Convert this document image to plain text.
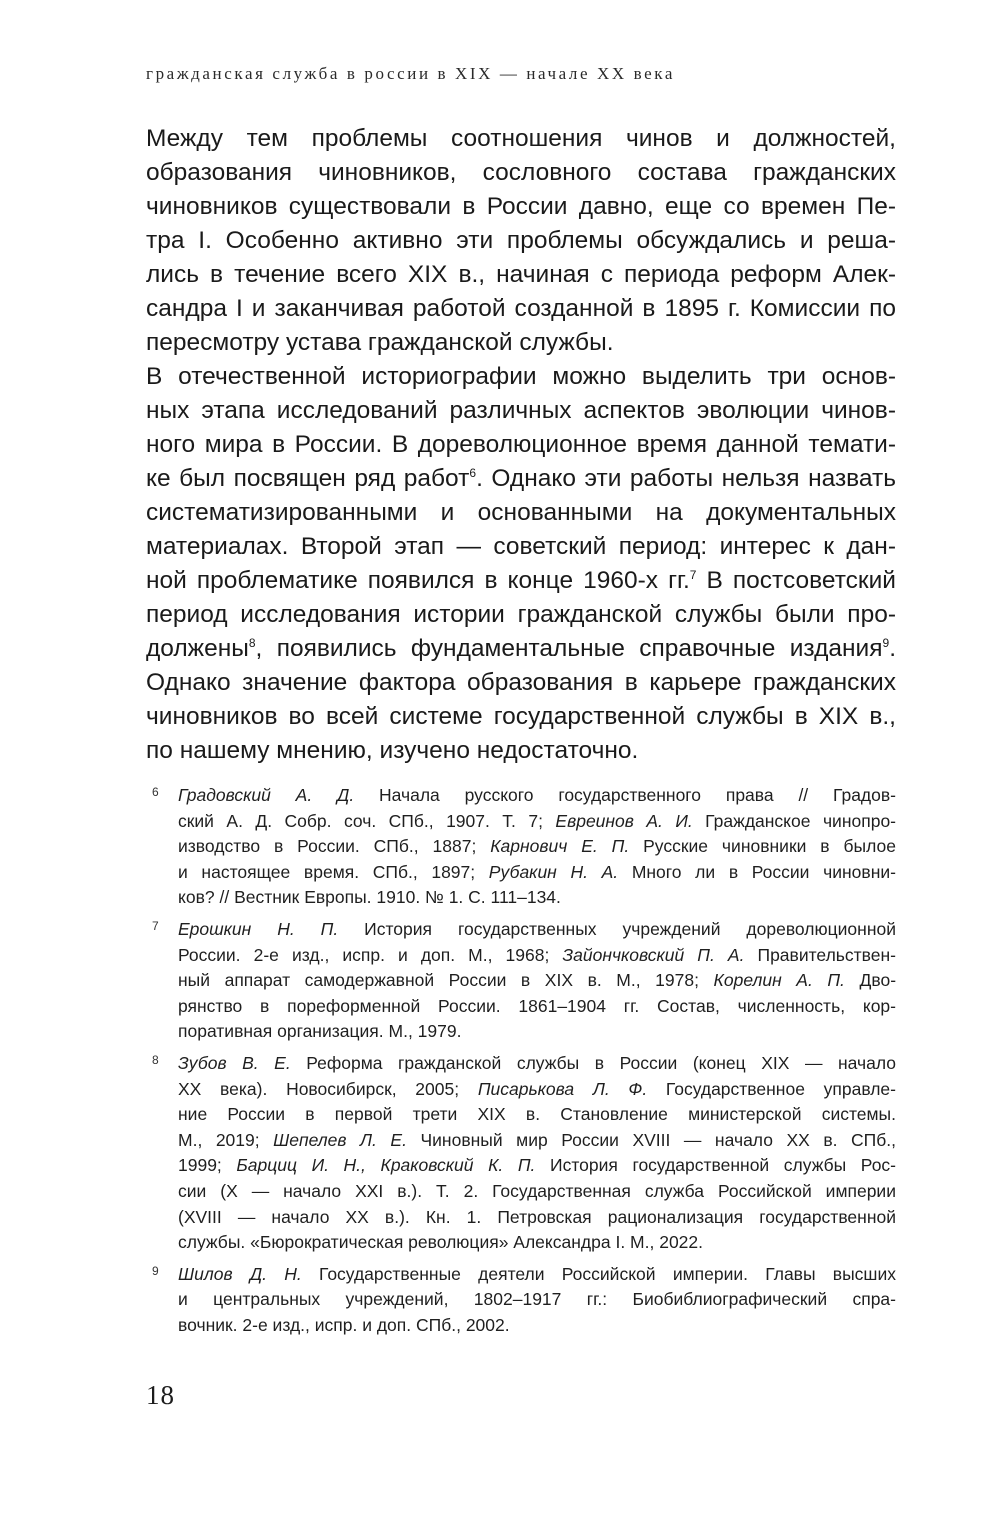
гражданская служба в россии в XIX — начале XX века

Между тем проблемы соотношения чинов и должностей,
образования чиновников, сословного состава гражданских
чиновников существовали в России давно, еще со времен Пе-
тра I. Особенно активно эти проблемы обсуждались и реша-
лись в течение всего XIX в., начиная с периода реформ Алек-
сандра I и заканчивая работой созданной в 1895 г. Комиссии по
пересмотру устава гражданской службы.

В отечественной историографии можно выделить три основ-
ных этапа исследований различных аспектов эволюции чинов-
ного мира в России. В дореволюционное время данной темати-
ке был посвящен ряд работ$^6$. Однако эти работы нельзя назвать
систематизированными и основанными на документальных
материалах. Второй этап — советский период: интерес к дан-
ной проблематике появился в конце 1960-х гг.$^7$ В постсоветский
период исследования истории гражданской службы были про-
должены$^8$, появились фундаментальные справочные издания$^9$.
Однако значение фактора образования в карьере гражданских
чиновников во всей системе государственной службы в XIX в.,
по нашему мнению, изучено недостаточно.

6 Градовский А. Д. Начала русского государственного права // Градов-
ский А. Д. Собр. соч. СПб., 1907. Т. 7; Евреинов А. И. Гражданское чинопро-
изводство в России. СПб., 1887; Карнович Е. П. Русские чиновники в былое
и настоящее время. СПб., 1897; Рубакин Н. А. Много ли в России чиновни-
ков? // Вестник Европы. 1910. № 1. С. 111–134.
7 Ерошкин Н. П. История государственных учреждений дореволюционной
России. 2-е изд., испр. и доп. М., 1968; Зайончковский П. А. Правительствен-
ный аппарат самодержавной России в XIX в. М., 1978; Корелин А. П. Дво-
рянство в пореформенной России. 1861–1904 гг. Состав, численность, кор-
поративная организация. М., 1979.
8 Зубов В. Е. Реформа гражданской службы в России (конец XIX — начало
XX века). Новосибирск, 2005; Писарькова Л. Ф. Государственное управле-
ние России в первой трети XIX в. Становление министерской системы.
М., 2019; Шепелев Л. Е. Чиновный мир России XVIII — начало XX в. СПб.,
1999; Барциц И. Н., Краковский К. П. История государственной службы Рос-
сии (X — начало XXI в.). Т. 2. Государственная служба Российской империи
(XVIII — начало XX в.). Кн. 1. Петровская рационализация государственной
службы. «Бюрократическая революция» Александра I. М., 2022.
9 Шилов Д. Н. Государственные деятели Российской империи. Главы высших
и центральных учреждений, 1802–1917 гг.: Биобиблиографический спра-
вочник. 2-е изд., испр. и доп. СПб., 2002.
18
